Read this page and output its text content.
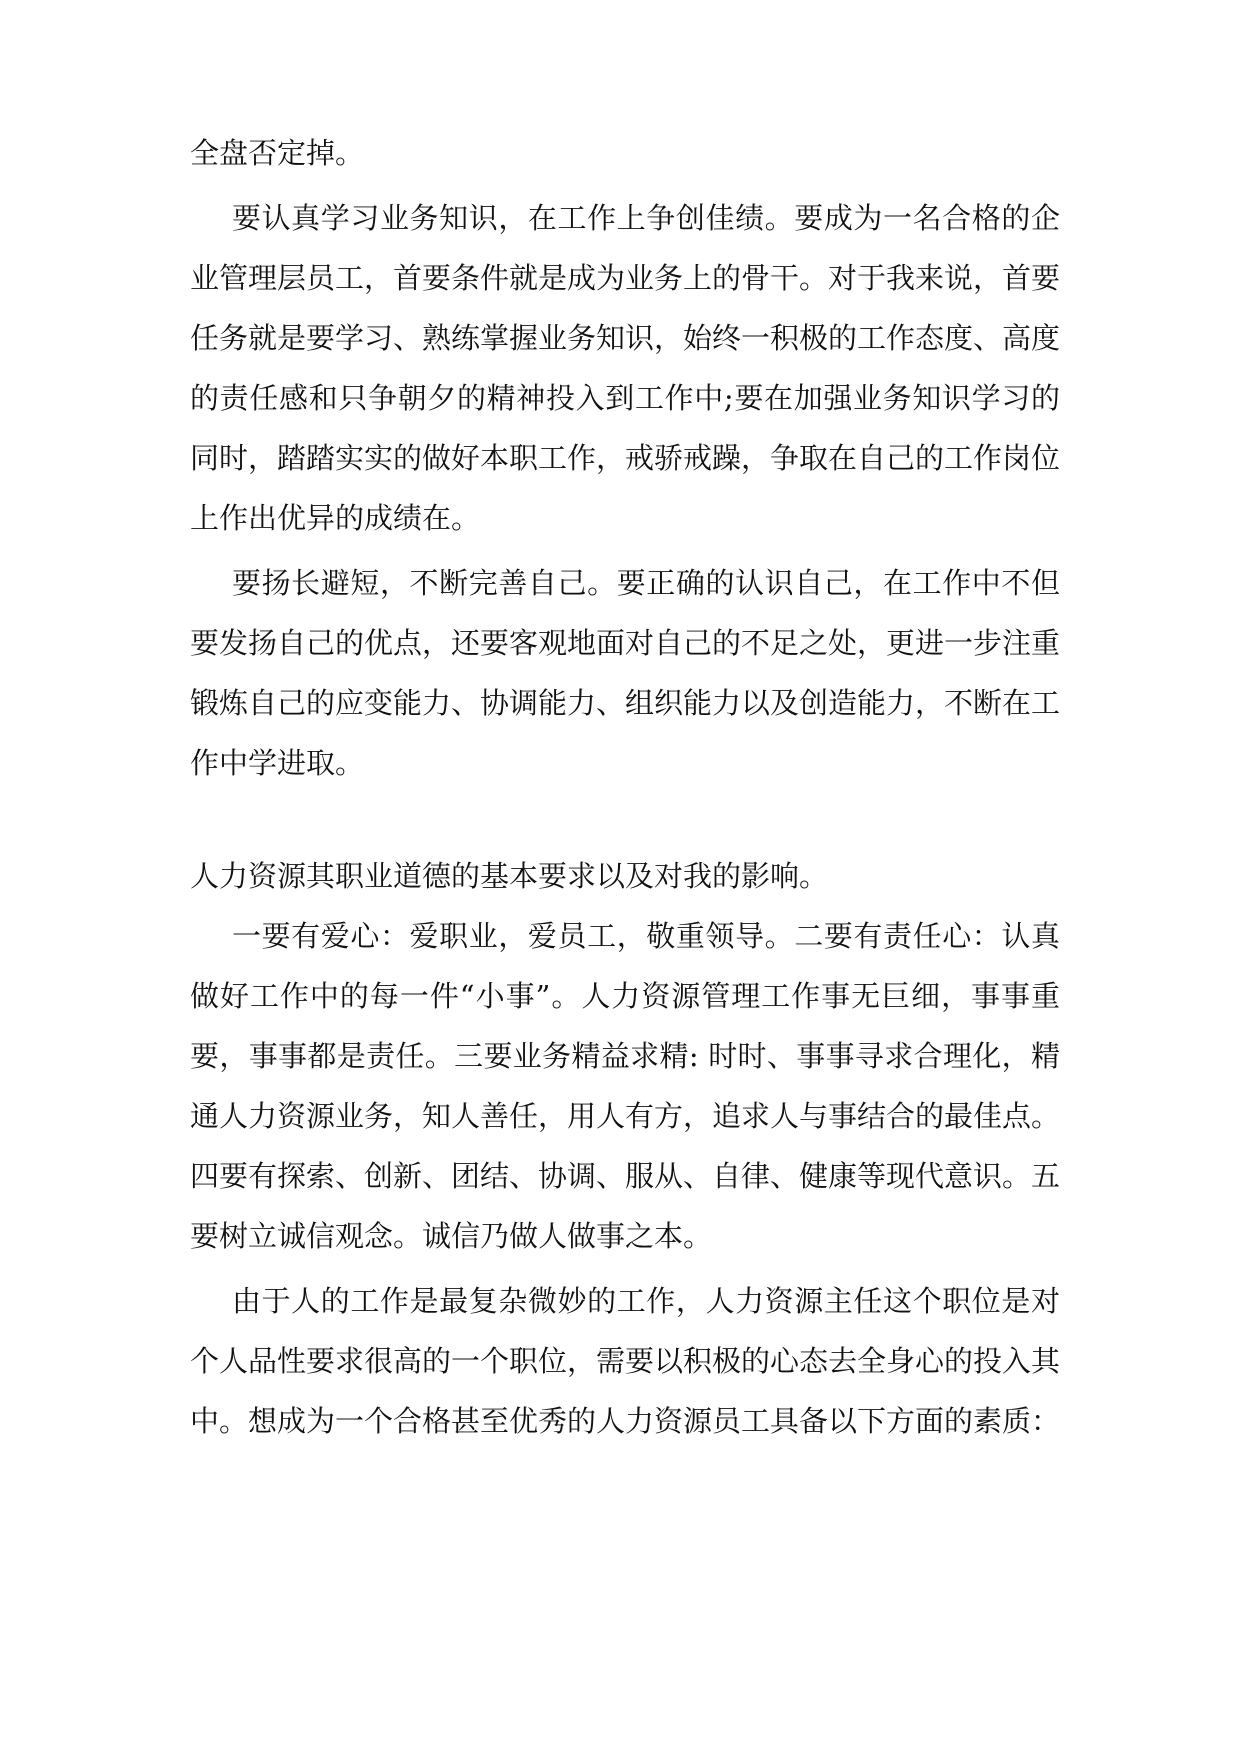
全盘否定掉。
要认真学习业务知识，在工作上争创佳绩。要成为一名合格的企
业管理层员工，首要条件就是成为业务上的骨干。对于我来说，首要
任务就是要学习、熟练掌握业务知识，始终一积极的工作态度、高度
的责任感和只争朝夕的精神投入到工作中;要在加强业务知识学习的
同时，踏踏实实的做好本职工作，戒骄戒躁，争取在自己的工作岗位
上作出优异的成绩在。
要扬长避短，不断完善自己。要正确的认识自己，在工作中不但
要发扬自己的优点，还要客观地面对自己的不足之处，更进一步注重
锻炼自己的应变能力、协调能力、组织能力以及创造能力，不断在工
作中学进取。
人力资源其职业道德的基本要求以及对我的影响。
一要有爱心：爱职业，爱员工，敬重领导。二要有责任心：认真
做好工作中的每一件“小事”。人力资源管理工作事无巨细，事事重
要，事事都是责任。三要业务精益求精: 时时、事事寻求合理化，精
通人力资源业务，知人善任，用人有方，追求人与事结合的最佳点。
四要有探索、创新、团结、协调、服从、自律、健康等现代意识。五
要树立诚信观念。诚信乃做人做事之本。
由于人的工作是最复杂微妙的工作，人力资源主任这个职位是对
个人品性要求很高的一个职位，需要以积极的心态去全身心的投入其
中。想成为一个合格甚至优秀的人力资源员工具备以下方面的素质：
